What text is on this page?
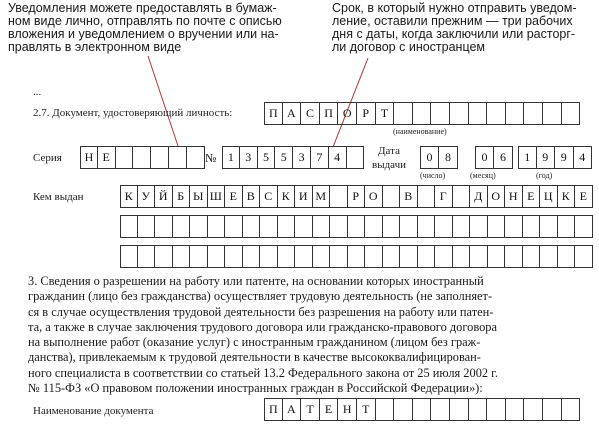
Уведомления можете предоставлять в бумаж-
ном виде лично, отправлять по почте с описью
вложения и уведомлением о вручении или на-
правлять в электронном виде
Срок, в который нужно отправить уведом-
ление, оставили прежним — три рабочих
дня с даты, когда заключили или расторг-
ли договор с иностранцем
...
2.7. Документ, удостоверяющий личность:	П А С П О Р Т
(наименование)
Серия	Н Е	№ 1 3 5 5 3 7 4	Дата
выдачи
0	8	0	6	1	9	9	4
(число)	(месяц)	(год)
Кем выдан	К У Й Б Ы Ш Е В С К И М	Р О	В	Г	Д О Н Е Ц К Е
3. Сведения о разрешении на работу или патенте, на основании которых иностранный
гражданин (лицо без гражданства) осуществляет трудовую деятельность (не заполняет-
ся в случае осуществления трудовой деятельности без разрешения на работу или патен-
та, а также в случае заключения трудового договора или гражданско-правового договора
на выполнение работ (оказание услуг) с иностранным гражданином (лицом без граж-
данства), привлекаемым к трудовой деятельности в качестве высококвалифицирован-
ного специалиста в соответствии со статьей 13.2 Федерального закона от 25 июля 2002 г.
№ 115-ФЗ «О правовом положении иностранных граждан в Российской Федерации»):
Наименование документа	П А Т Е Н Т
